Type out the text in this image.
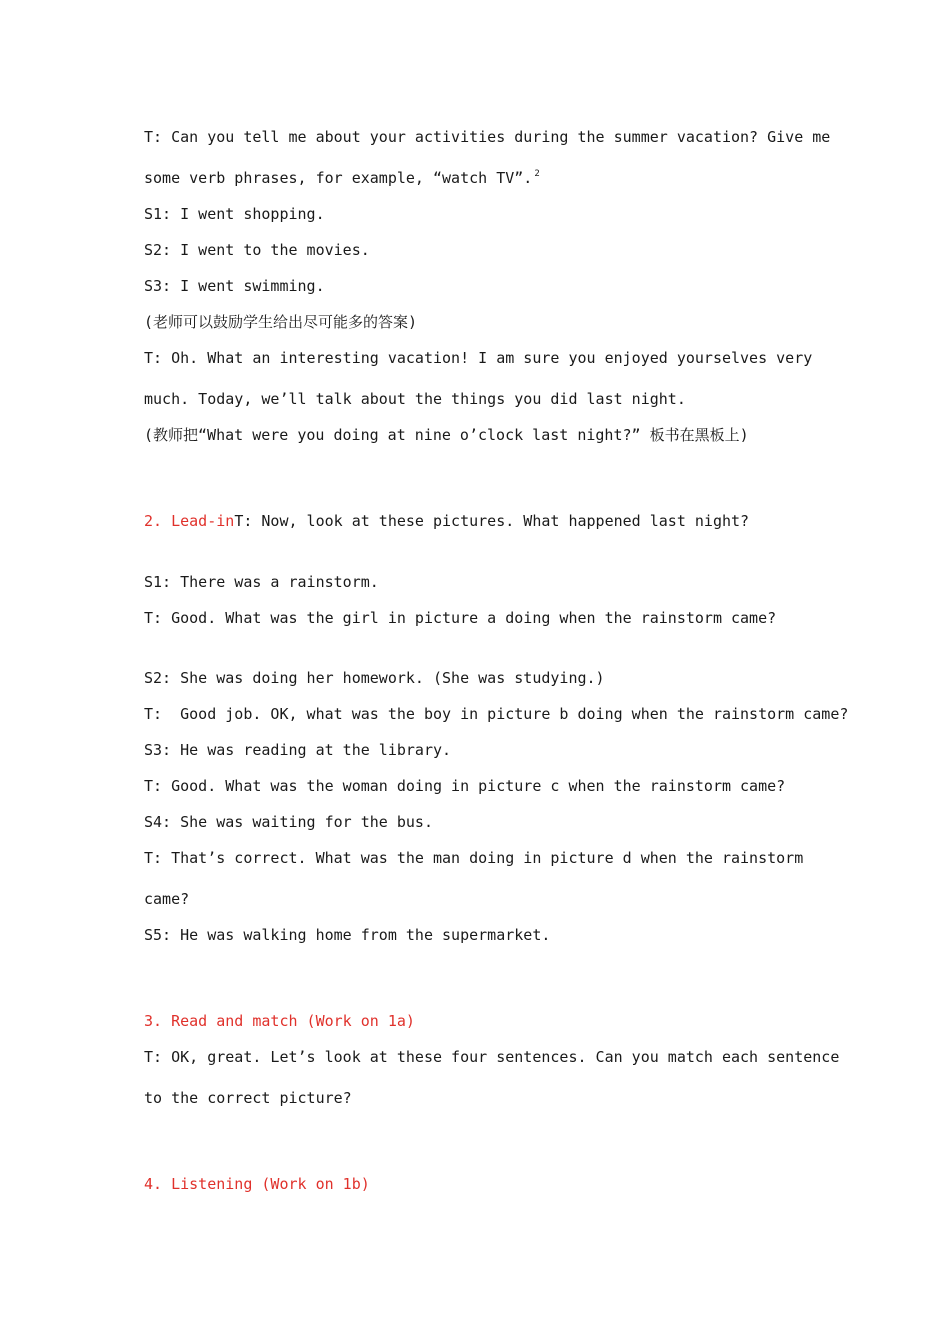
T: Can you tell me about your activities during the summer vacation? Give me
some verb phrases, for example, “watch TV”. $^2$
S1: I went shopping.
S2: I went to the movies.
S3: I went swimming.
(老师可以鼓励学生给出尽可能多的答案)
T: Oh. What an interesting vacation! I am sure you enjoyed yourselves very
much. Today, we’ll talk about the things you did last night.
(教师把“What were you doing at nine o’clock last night?” 板书在黑板上)
2. Lead-inT: Now, look at these pictures. What happened last night?
S1: There was a rainstorm.
T: Good. What was the girl in picture a doing when the rainstorm came?
S2: She was doing her homework. (She was studying.)
T:  Good job. OK, what was the boy in picture b doing when the rainstorm came?
S3: He was reading at the library.
T: Good. What was the woman doing in picture c when the rainstorm came?
S4: She was waiting for the bus.
T: That’s correct. What was the man doing in picture d when the rainstorm
came?
S5: He was walking home from the supermarket.
3. Read and match (Work on 1a)
T: OK, great. Let’s look at these four sentences. Can you match each sentence
to the correct picture?
4. Listening (Work on 1b)
